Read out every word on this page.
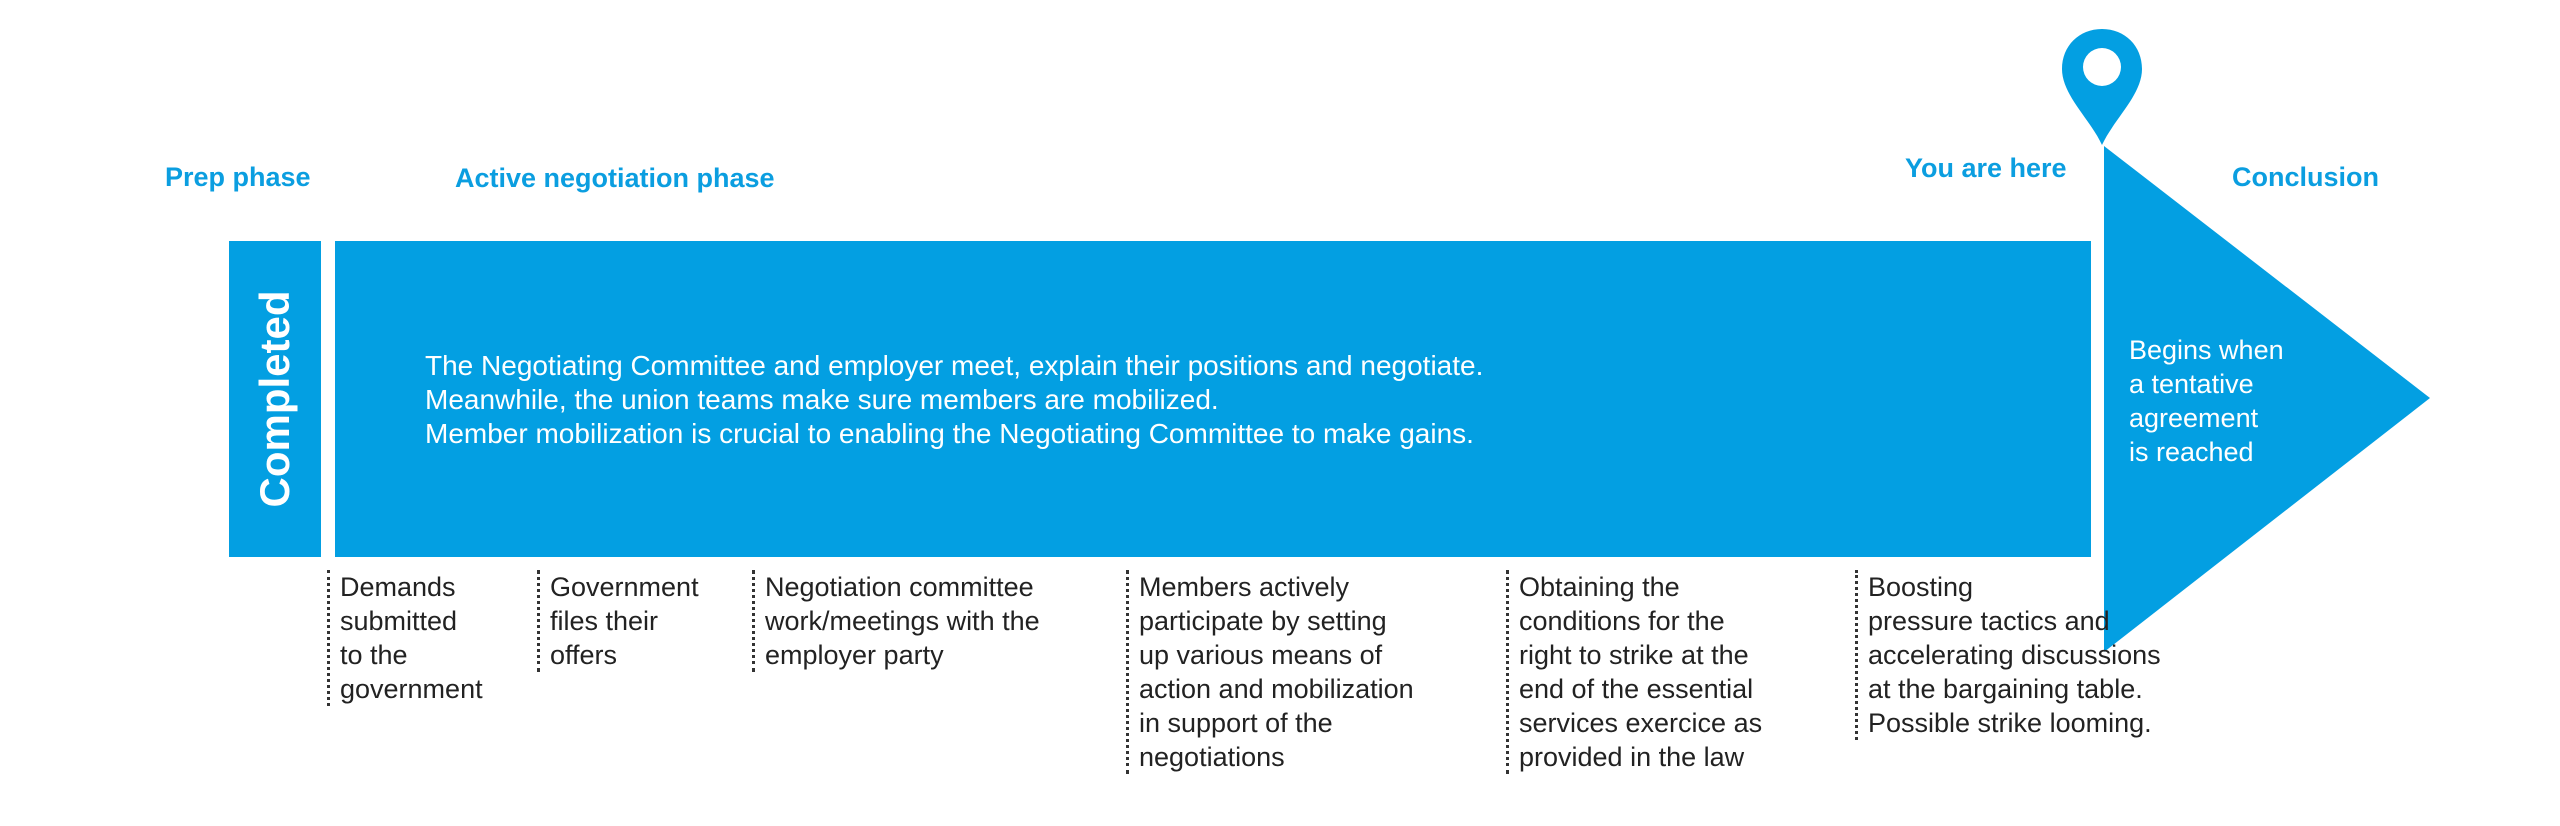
Prep phase	Active negotiation phase	You are here	Conclusion
Completed	The Negotiating Committee and employer meet, explain their positions and negotiate.
Meanwhile, the union teams make sure members are mobilized.
Member mobilization is crucial to enabling the Negotiating Committee to make gains.
Begins when
a tentative
agreement
is reached
Demands
submitted
to the
government
Government
files their
offers
Negotiation committee
work/meetings with the
employer party
Members actively
participate by setting
up various means of
action and mobilization
in support of the
negotiations
Obtaining the
conditions for the
right to strike at the
end of the essential
services exercice as
provided in the law
Boosting
pressure tactics and
accelerating discussions
at the bargaining table.
Possible strike looming.
